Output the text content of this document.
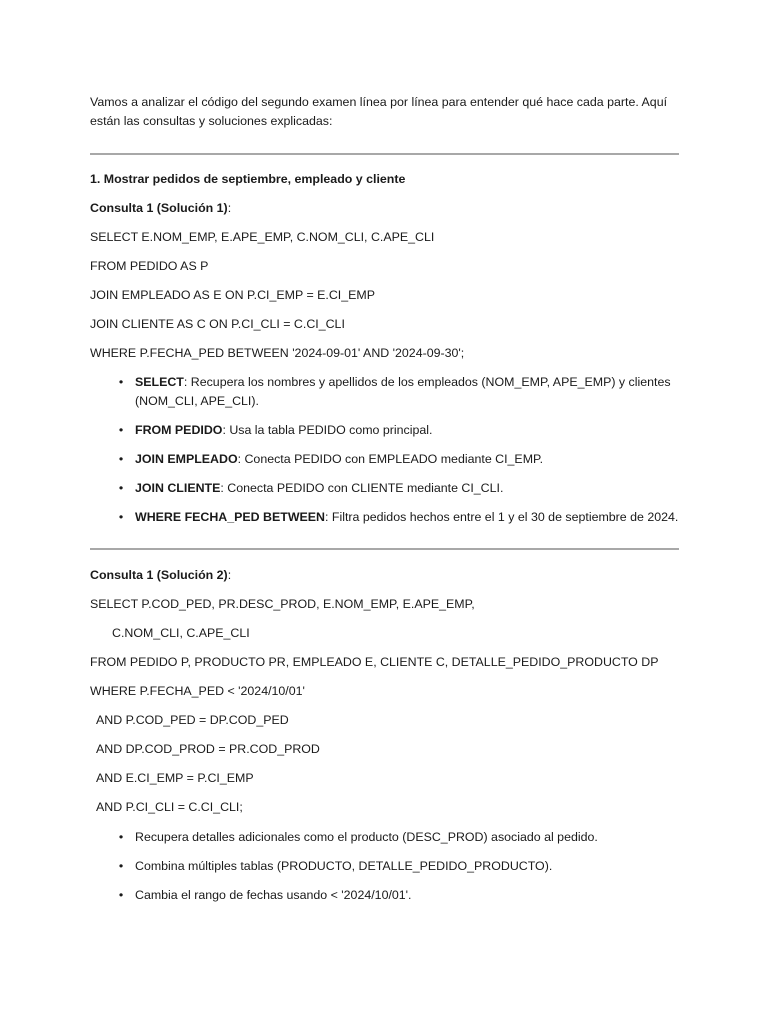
Vamos a analizar el código del segundo examen línea por línea para entender qué hace cada parte. Aquí están las consultas y soluciones explicadas:
1. Mostrar pedidos de septiembre, empleado y cliente
Consulta 1 (Solución 1):
SELECT E.NOM_EMP, E.APE_EMP, C.NOM_CLI, C.APE_CLI
FROM PEDIDO AS P
JOIN EMPLEADO AS E ON P.CI_EMP = E.CI_EMP
JOIN CLIENTE AS C ON P.CI_CLI = C.CI_CLI
WHERE P.FECHA_PED BETWEEN '2024-09-01' AND '2024-09-30';
• SELECT: Recupera los nombres y apellidos de los empleados (NOM_EMP, APE_EMP) y clientes (NOM_CLI, APE_CLI).
• FROM PEDIDO: Usa la tabla PEDIDO como principal.
• JOIN EMPLEADO: Conecta PEDIDO con EMPLEADO mediante CI_EMP.
• JOIN CLIENTE: Conecta PEDIDO con CLIENTE mediante CI_CLI.
• WHERE FECHA_PED BETWEEN: Filtra pedidos hechos entre el 1 y el 30 de septiembre de 2024.
Consulta 1 (Solución 2):
SELECT P.COD_PED, PR.DESC_PROD, E.NOM_EMP, E.APE_EMP,
C.NOM_CLI, C.APE_CLI
FROM PEDIDO P, PRODUCTO PR, EMPLEADO E, CLIENTE C, DETALLE_PEDIDO_PRODUCTO DP
WHERE P.FECHA_PED < '2024/10/01'
AND P.COD_PED = DP.COD_PED
AND DP.COD_PROD = PR.COD_PROD
AND E.CI_EMP = P.CI_EMP
AND P.CI_CLI = C.CI_CLI;
• Recupera detalles adicionales como el producto (DESC_PROD) asociado al pedido.
• Combina múltiples tablas (PRODUCTO, DETALLE_PEDIDO_PRODUCTO).
• Cambia el rango de fechas usando < '2024/10/01'.
